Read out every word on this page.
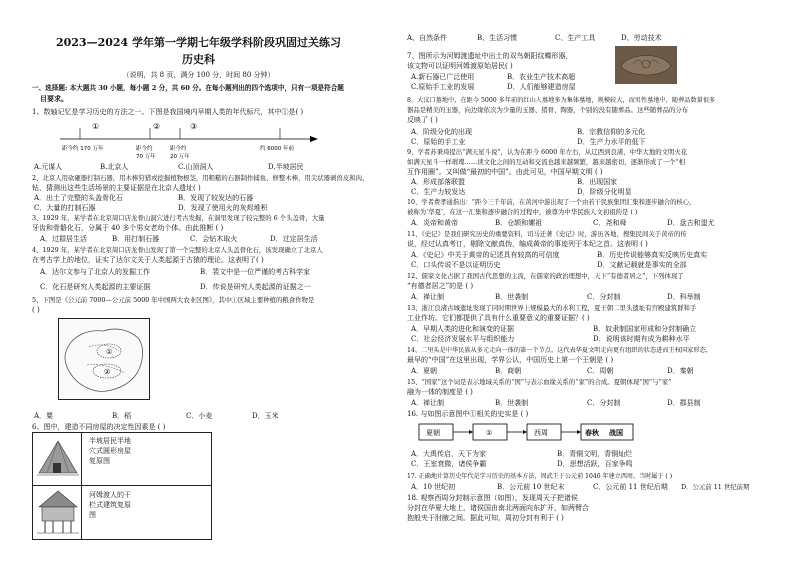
2023—2024 学年第一学期七年级学科阶段巩固过关练习
历史科
（说明，共 8 页，满分 100 分，时间 80 分钟）
一、选择题: 本大题共 30 小题，每小题 2 分，共 60 分。在每小题列出的四个选项中，只有一项是符合题
目要求。
1、数轴记忆是学习历史的方法之一。下图是我国境内早期人类的年代标尺，其中①是( )
①	②	③
距今约 170 万年	距今约
70 万年
距今约
20 万年
约 6000 年前
A.元谋人	B.北京人	C.山顶洞人	D.半坡居民
2、北京人用砍砸器打制石器，用木棒狩猎或挖掘植物根茎，用粗糙的石器制作捕鱼、修整木棒，用尖状器剥兽皮和肉、
钻，猜测出这些生活场景的主要证据是在北京人遗址( )
A．出土了完整的头盖骨化石	B．发现了较发达的石器
C．大量的打制石器	D．发现了使用火的灰烬堆积
3、1929 年，某学者在北京周口店龙骨山洞穴进行考古发掘，在洞里发现了较完整的 6 个头盖骨，大量
牙齿和骨骼化石，分属于 40 多个男女老幼个体。由此推断 ( )
A．过群居生活	B．用打制石器	C．会钻木取火	D．过定居生活
4、1929 年，某学者在北京周口店龙骨山发现了第一个完整的北京人头盖骨化石，该发现确立了北京人
在考古学上的地位，证实了达尔文关于人类起源于古猿的理论。这表明了( )
A．达尔文参与了北京人的发掘工作	B．裴文中是一位严谨的考古科学家
C．化石是研究人类起源的主要证据	D．传说是研究人类起源的证据之一
5、下图是《公元前 7000—公元前 5000 年中国两大农业区图》，其中①区域主要种植的粮食作物是
( )
①
②
A．粟	B．稻	C．小麦	D．玉米
6、图中，建造不同房屋的决定性因素是 ( )
半坡居民半地
穴式圆形房屋
复原图
河姆渡人的干
栏式建筑复原
图
A、自然条件	B、生活习惯	C、生产工具	D、劳动技术
7、图所示为河姆渡遗址中出土的双鸟朝阳纹蝶形器，
该文物可以证明河姆渡原始居民( )
A.新石器已广泛使用	B．农业生产技术高超
C.原始手工业的发展	D．人们能够建造房屋
8、大汶口墓地中，在距今 5000 多年前的红山人墓地多为集体墓地，规模较大，而男性墓地中，随葬品数量很多
器品是精美的玉器，向边缘依次为少量的玉器、猪骨、陶器，个别的没有随葬品。这些随葬品的分布
反映了 ( )
A．阶级分化的出现	B．宗教信仰的多元化
C．原始的手工业	D．生产力水平的低下
9、学者苏秉琦提出“满天星斗说”，认为在距今 6000 年左右，从辽西到良渚，中华大地的文明火花
如满天星斗一样璀璨……读文化之间的互动和交流也越来越频繁，越来越密切，逐渐形成了一个“相
互作用圈”。又叫做“最初的中国”。由此可见，中国早期文明 ( )
A．形成部落联盟	B．出现国家
C．生产力较发达	D．阶级分化明显
10、学者费孝通指出：“距今三千年前，在黄河中游出现了一个由若干民族集团汇集和逐步融合的核心，
被称为‘华夏’，在这一汇集和逐步融合的过程中，被尊为中华民族人文初祖的是 ( )
A．炎帝和黄帝	B．仓颉和嫘祖	C．尧和舜	D．盘古和蚩尤
11、《史记》是我们研究历史的重要资料，司马迁著《史记》时，游历各地，搜集民间关于黄帝的传
说，经过认真考订，剔除文献真伪，编成黄帝的事迹列于本纪之首。这表明 ( )
A．《史记》中关于黄帝的记述具有较高的可信度	B．历史传说能够真实反映历史真实
C．口头传说不是以证明历史	D．文献记载就是事实的全部
12、儒家文化占据了我国古代思想的主流，在儒家的政治理想中，天下“有德者居之”，下列体现了
“有德者居之”的是 ( )
A．禅让制	B．世袭制	C．分封制	D．科举制
13、浙江良渚古城遗址发现了同时期世界上规模最大的水利工程，夏王朝二里头遗址有宫殿建筑群和手
工业作坊。它们都提供了具有什么重要意义的重要证据？( )
A．早期人类的进化和演变的证据	B．奴隶制国家形成和分封制确立
C．社会经济发展水平与组织能力	D．说明该时期有成为耕种水平
14、二里头是中华民族从多元走向一体的第一个节点，这代表华夏文明走向更有组织的状态进而王权国家形态，
最早的“中国”在这里出现，学界公认，中国历史上第一个王朝是 ( )
A．夏朝	B．商朝	C．周朝	D．秦朝
15、“国家”这个词是表示地域关系的“国”与表示血缘关系的“家”的合成。夏朝体现“国”与“家”
融为一体的制度是 ( )
A．禅让制	B．世袭制	C．分封制	D．郡县制
16. 与如图示意图中①相关的史实是 ( )
夏朝	①	西周	春秋 战国
A．大禹传启，天下为家	B．青铜文明，青铜灿烂
C．王室衰微，诸侯争霸	D．思想活跃，百家争鸣
17. 正确地计算历史年代是学习历史的基本方法，周武王于公元前 1046 年建立西周，当时属于 ( )
A．10 世纪初	B．公元前 10 世纪末	C．公元前 11 世纪后期 D．公元前 11 世纪前期
18. 观察西周分封制示意图（如图），发现周天子把诸侯
分封在华夏大地上，诸侯国由南北两面向东扩开，如两臂合
抱般夹于肘腋之间。据此可知，周初分封有利于 ( )
